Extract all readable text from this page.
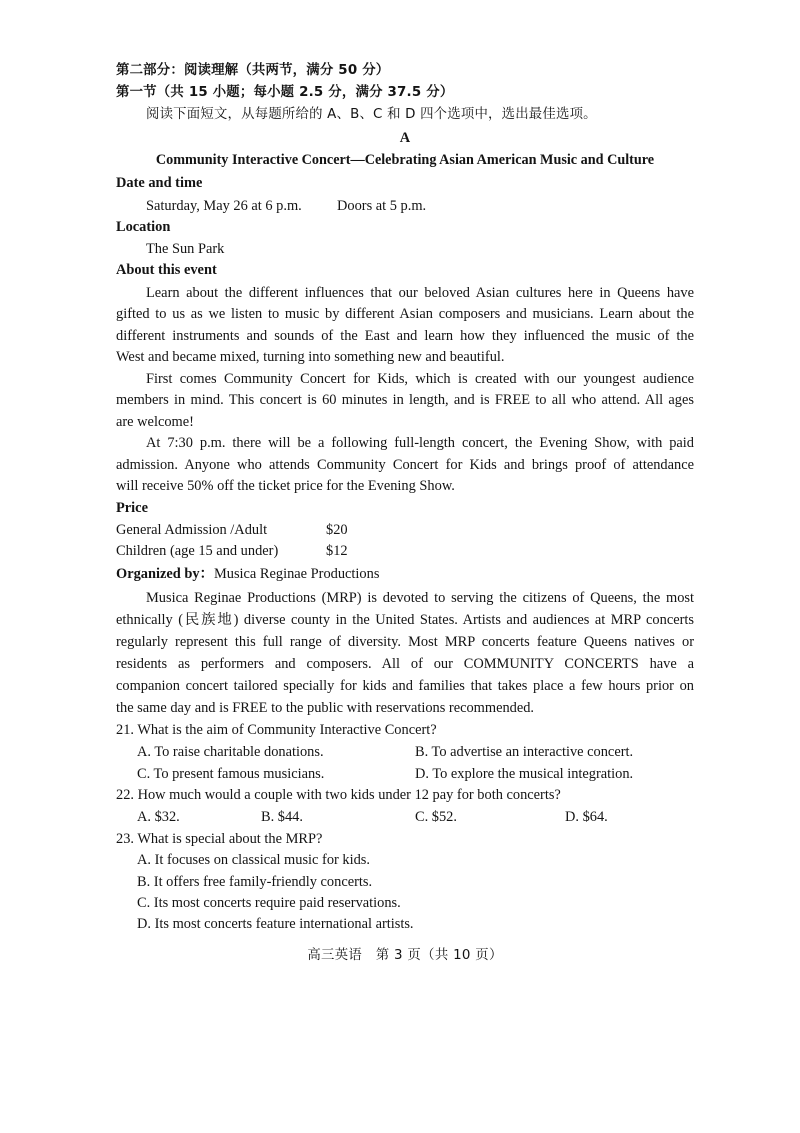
第二部分：阅读理解（共两节，满分 50 分）
第一节（共 15 小题；每小题 2.5 分，满分 37.5 分）
阅读下面短文，从每题所给的 A、B、C 和 D 四个选项中，选出最佳选项。
A
Community Interactive Concert—Celebrating Asian American Music and Culture
Date and time
Saturday, May 26 at 6 p.m. Doors at 5 p.m.
Location
The Sun Park
About this event
Learn about the different influences that our beloved Asian cultures here in Queens have
gifted to us as we listen to music by different Asian composers and musicians. Learn about the
different instruments and sounds of the East and learn how they influenced the music of the
West and became mixed, turning into something new and beautiful.
First comes Community Concert for Kids, which is created with our youngest audience
members in mind. This concert is 60 minutes in length, and is FREE to all who attend. All ages
are welcome!
At 7:30 p.m. there will be a following full-length concert, the Evening Show, with paid
admission. Anyone who attends Community Concert for Kids and brings proof of attendance
will receive 50% off the ticket price for the Evening Show.
Price
General Admission /Adult	$20
Children (age 15 and under)	$12
Organized by：Musica Reginae Productions
Musica Reginae Productions (MRP) is devoted to serving the citizens of Queens, the most
ethnically (民族地) diverse county in the United States. Artists and audiences at MRP concerts
regularly represent this full range of diversity. Most MRP concerts feature Queens natives or
residents as performers and composers. All of our COMMUNITY CONCERTS have a
companion concert tailored specially for kids and families that takes place a few hours prior on
the same day and is FREE to the public with reservations recommended.
21. What is the aim of Community Interactive Concert?
A. To raise charitable donations.	B. To advertise an interactive concert.
C. To present famous musicians.	D. To explore the musical integration.
22. How much would a couple with two kids under 12 pay for both concerts?
A. $32.	B. $44.	C. $52.	D. $64.
23. What is special about the MRP?
A. It focuses on classical music for kids.
B. It offers free family-friendly concerts.
C. Its most concerts require paid reservations.
D. Its most concerts feature international artists.
高三英语　第 3 页（共 10 页）
